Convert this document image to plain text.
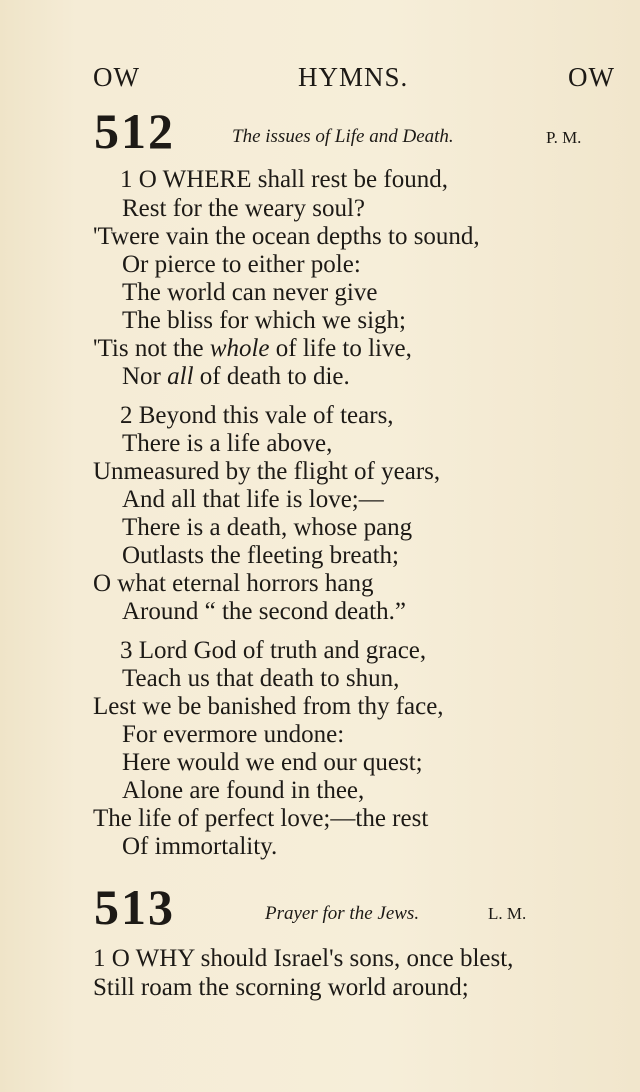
OW	HYMNS.	OW
512	The issues of Life and Death.	P. M.
1 O WHERE shall rest be found,
Rest for the weary soul?
'Twere vain the ocean depths to sound,
Or pierce to either pole:
The world can never give
The bliss for which we sigh;
'Tis not the whole of life to live,
Nor all of death to die.
2 Beyond this vale of tears,
There is a life above,
Unmeasured by the flight of years,
And all that life is love;—
There is a death, whose pang
Outlasts the fleeting breath;
O what eternal horrors hang
Around “ the second death.”
3 Lord God of truth and grace,
Teach us that death to shun,
Lest we be banished from thy face,
For evermore undone:
Here would we end our quest;
Alone are found in thee,
The life of perfect love;—the rest
Of immortality.
513	Prayer for the Jews.	L. M.
1 O WHY should Israel's sons, once blest,
Still roam the scorning world around;
